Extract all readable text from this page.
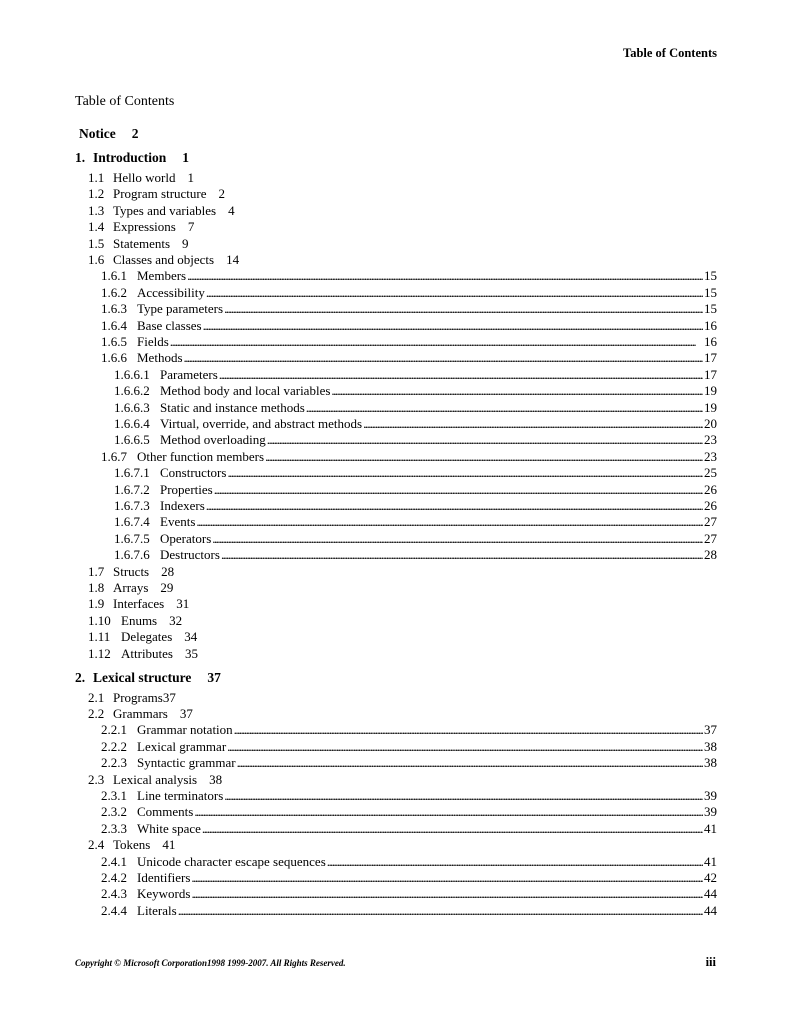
Table of Contents
Table of Contents
Notice 2
1. Introduction 1
1.1 Hello world 1
1.2 Program structure 2
1.3 Types and variables 4
1.4 Expressions 7
1.5 Statements 9
1.6 Classes and objects 14
1.6.1 Members . . .	15
1.6.2 Accessibility . . .	15
1.6.3 Type parameters . . .	15
1.6.4 Base classes . . .	16
1.6.5 Fields . . .	16
1.6.6 Methods . . .	17
1.6.6.1 Parameters . . .	17
1.6.6.2 Method body and local variables . . .	19
1.6.6.3 Static and instance methods . . .	19
1.6.6.4 Virtual, override, and abstract methods . . .	20
1.6.6.5 Method overloading . . .	23
1.6.7 Other function members . . .	23
1.6.7.1 Constructors . . .	25
1.6.7.2 Properties . . .	26
1.6.7.3 Indexers . . .	26
1.6.7.4 Events . . .	27
1.6.7.5 Operators . . .	27
1.6.7.6 Destructors . . .	28
1.7 Structs 28
1.8 Arrays 29
1.9 Interfaces 31
1.10 Enums 32
1.11 Delegates 34
1.12 Attributes 35
2. Lexical structure 37
2.1 Programs37
2.2 Grammars 37
2.2.1 Grammar notation . . .	37
2.2.2 Lexical grammar . . .	38
2.2.3 Syntactic grammar . . .	38
2.3 Lexical analysis 38
2.3.1 Line terminators . . .	39
2.3.2 Comments . . .	39
2.3.3 White space . . .	41
2.4 Tokens 41
2.4.1 Unicode character escape sequences . . .	41
2.4.2 Identifiers . . .	42
2.4.3 Keywords . . .	44
2.4.4 Literals . . .	44
Copyright © Microsoft Corporation1998 1999-2007. All Rights Reserved.	iii
